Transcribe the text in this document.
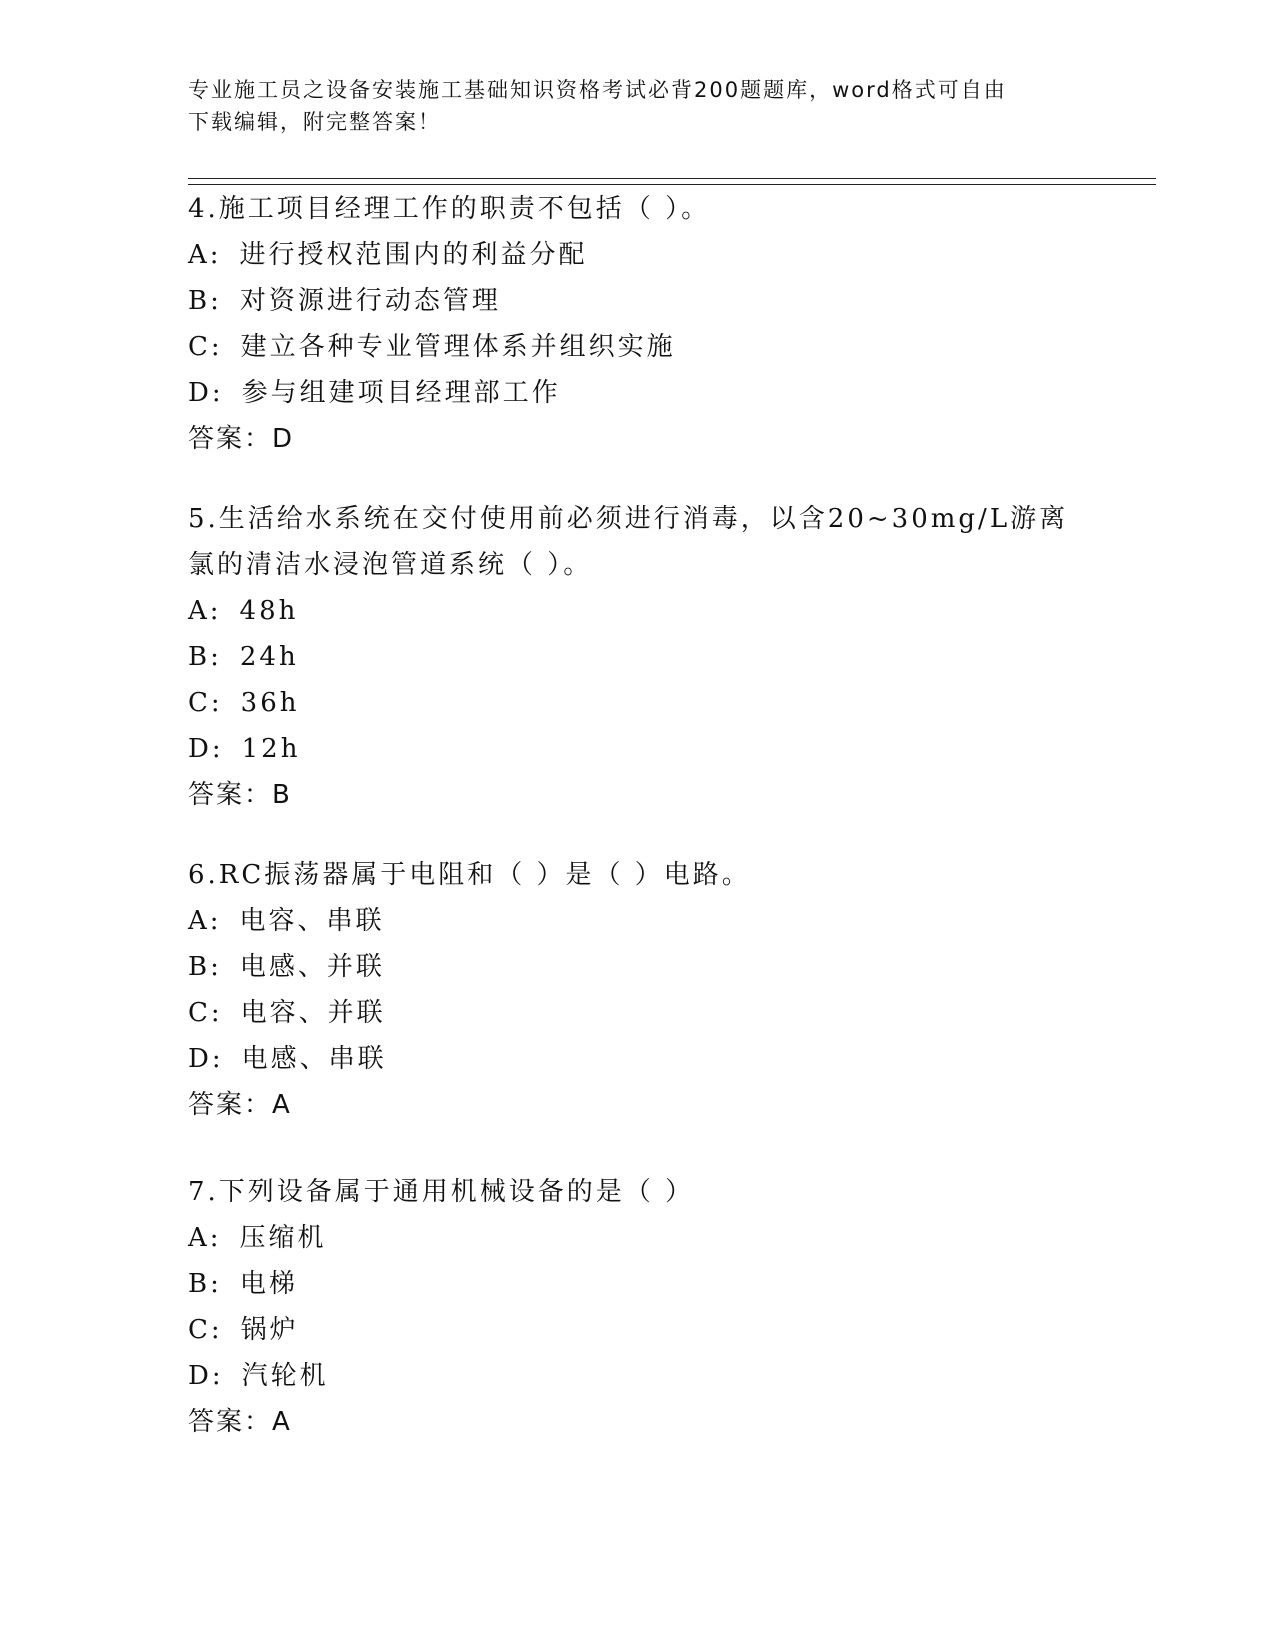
专业施工员之设备安装施工基础知识资格考试必背200题题库，word格式可自由
下载编辑，附完整答案！
4.施工项目经理工作的职责不包括（ ）。
A: 进行授权范围内的利益分配
B: 对资源进行动态管理
C: 建立各种专业管理体系并组织实施
D: 参与组建项目经理部工作
答案：D
5.生活给水系统在交付使用前必须进行消毒，以含20~30mg/L游离氯的清洁水浸泡管道系统（ ）。
A: 48h
B: 24h
C: 36h
D: 12h
答案：B
6.RC振荡器属于电阻和（ ）是（ ）电路。
A: 电容、串联
B: 电感、并联
C: 电容、并联
D: 电感、串联
答案：A
7.下列设备属于通用机械设备的是（ ）
A: 压缩机
B: 电梯
C: 锅炉
D: 汽轮机
答案：A
